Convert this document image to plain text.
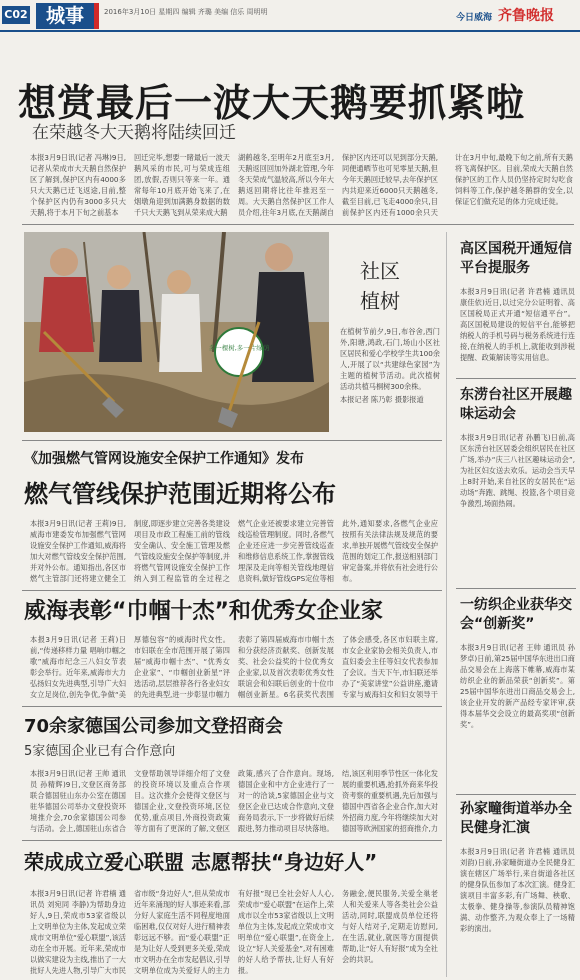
C02 城事	2016年3月10日 星期四 编辑 齐璐 美编 信乐 周明明
今日威海 齐鲁晚报
想赏最后一波大天鹅要抓紧啦
在荣越冬大天鹅将陆续回迁
本报3月9日讯(记者 冯琳)9日,记者从荣成市大天鹅自然保护区了解到,保护区内有4000多只大天鹅已迁飞返途,目前,整个保护区内仍有3000多只大天鹅,将于本月下旬之前基本
回迁完毕,想要一睹最后一波天鹅风采的市民,可与荣成连组团,放假,否则只等来一年。通常每年10月底开始飞来了,在烟墩角迎到加满鹅身数据的数千只大天鹅飞到从荣来成大鹅
湖鹤越冬,至明年2月底至3月,天鹅返回回加外湖北管理,今年冬天荣成气温较高,所以今年大鹅返回期将比往年推迟至一周。大天鹅自然保护区工作人员介绍,往年3月底,在天鹅湖自
保护区内还可以见到部分天鹅,同便通晒节也可见零星天鹅,但今年天鹅回迁较早,去年保护区内共迎来近6000只天鹅越冬,截至目前,已飞走4000余只,目前保护区内还有1000余只天
计在3月中旬,最晚下旬之前,所有天鹅将飞离保护区。目前,荣成大天鹅自然保护区的工作人员仍坚持定时勾吃食饲料等工作,保护越冬鹅群的安全,以保证它们做充足的体力完成迁徙。
多一棵树,多一片绿荫
社区
植树
在植树节前夕,9日,布谷舍,西门外,阳塘,鸿政,石门,场山小区社区居民和爱心学校学生共100余人,开展了以“共建绿色家园”为主题的植树节活动。此次植树活动共植马桐树300余株。
本报记者 陈乃彰 摄影报道
《加强燃气管网设施安全保护工作通知》发布
燃气管线保护范围近期将公布
本报3月9日讯(记者 王莉)9日,威海市建委发布加强燃气管网设施安全保护工作通知,威海将加大对燃气管线安全保护范围,并对外公布。通知指出,各区市燃气主管部门还将建立健全工
制度,即逐步建立完善各类建设项目及市政工程施工前的管线安全确认、安全施工管理及燃气管线设施安全保护等制度,并将燃气管网设施安全保护工作纳入到工程监管的全过程之
燃气企业还被要求建立完善管线巡检管理制度。同时,各燃气企业还应进一步完善管线巡查和维修信息系统工作,掌握管线埋深及走向等相关管线地理信息资料,做好管线GPS定位等相
此外,通知要求,各燃气企业应按照有关法律法规及规范的要求,单独开展燃气管线安全保护范围的划定工作,报送相别部门审定备案,并将依有社会进行公布。
威海表彰“巾帼十杰”和优秀女企业家
本报3月9日讯(记者 王莉)日前,“传递移样力量 唱响巾帼之歌”威海市纪念三八妇女节表彰会举行。近年来,威海市大力弘扬妇女先进典型,引导广大妇女立足岗位,创先争优,争做“美
厚德包容”的威海时代女性。市妇联在全市范围开展了第四届“威海巾帼十杰”、“优秀女企业家”、“巾帼创业新星”评选活动,层层推荐各行各业妇女的先进典型,进一步彰显巾帼力
表彰了第四届威海市巾帼十杰和分获经济贡献奖、创新发展奖、社会公益奖的十位优秀女企业家,以及首次表彰优秀女性联谊会和妇联后创业的十位巾帼创业新星。6名获奖代表围
了体会感受,各区市妇联主席,市女企业家协会相关负责人,市直妇委会主任等妇女代表参加了会议。当天下午,市妇联还举办了“美家讲堂”公益讲座,邀请专家与威海妇女和妇女领导干
70余家德国公司参加文登招商会
5家德国企业已有合作意向
本报3月9日讯(记者 王帅 通讯员 孙精辉)9日,文登区商务部联合德国驻山东办公室在德国驻华德国公司举办文登投资环境推介会,70余家德国公司参与活动。会上,德国驻山东省合
文登帮助领导详细介绍了文登的投资环境以及重点合作项目。这次推介会使得文登区与德国企业,文登投资环境,区位优势,重点项目,外商投资政策等方面有了更深的了解,文登区
政策,感兴了合作意向。现场,德国企业和中方企业进行了一对一的洽谈,5家德国企业与文登区企业已达成合作意向,文登商务局表示,下一步将做好后续跟进,努力推动项目尽快落地。
结,该区利用季节性区一体化发展的重要机遇,抢抓外商来华投资考察的重要机遇,先后加强与德国中西省各企业合作,加大对外招商力度,今年将继续加大对德国等欧洲国家的招商推介,力
荣成成立爱心联盟 志愿帮扶“身边好人”
本报3月9日讯(记者 许君楠 通讯员 刘宛同 李静)为帮助身边好人,9日,荣成市53家省级以上文明单位为主体,发起成立荣成市文明单位“爱心联盟”,该活动在全市开展。近年来,荣成市以做实建设为主线,推出了一大批好人先进人物,引导广大市民
省市级“身边好人”,但从荣成市近年来涌现的好人事迹来看,部分好人家庭生活不同程度地面临困难,仅仅对好人进行精神表彰远远不够。而“爱心联盟”正是为让好人受到更多关爱,荣成市文明办在全市发起倡议,引导文明单位成为关爱好人的主力
有好报”现已全社会好人人心,荣成市“爱心联盟”在运作上,荣成市以全市53家省级以上文明单位为主体,发起成立荣成市文明单位“爱心联盟”,在资金上,设立“好人关爱基金”,对有困难的好人给予帮扶,让好人有好报。
务融金,便民服务,关爱全巢老人和关爱来人等各类社会公益活动,同时,联盟成员单位还将与好人结对子,定期走访慰问,在生活,就业,就医等方面提供帮助,让“好人有好报”成为全社会的共识。
高区国税开通短信平台提服务
本报3月9日讯(记者 许君楠 通讯员 康佳依)近日,以过完分公证明着、高区国税局正式开通“短信通平台”。高区国税局建设的短信平台,能够把纳税人的手机号码与税务系统进行连接,在纳税人的手机上,就能收到涉税提醒、政策解读等实用信息。
东涝台社区开展趣味运动会
本报3月9日讯(记者 孙鹏飞)日前,高区东涝台社区居委会组织居民在社区广场,举办“庆三八社区趣味运动会”,为社区妇女送去欢乐。运动会当天早上8时开始,来自社区的女居民在“运动场”奔跑、跳绳、投篮,各个项目竞争激烈,场面热闹。
一纺织企业获华交会“创新奖”
本报3月9日讯(记者 王帅 通讯员 孙梦卓)日前,第25届中国华东进出口商品交易会在上海落下帷幕,威海市某纺织企业的新品荣获“创新奖”。第25届中国华东进出口商品交易会上,该企业开发的新产品经专家评审,获得本届华交会设立的最高奖项“创新奖”。
孙家疃街道举办全民健身汇演
本报3月9日讯(记者 许君楠 通讯员 刘韵)日前,孙家疃街道办全民健身汇演在辖区广场举行,来自街道各社区的健身队伍参加了本次汇演。健身汇演项目丰富多彩,有广场舞、秧歌、太极拳、健身操等,参演队员精神饱满、动作整齐,为观众奉上了一场精彩的演出。
